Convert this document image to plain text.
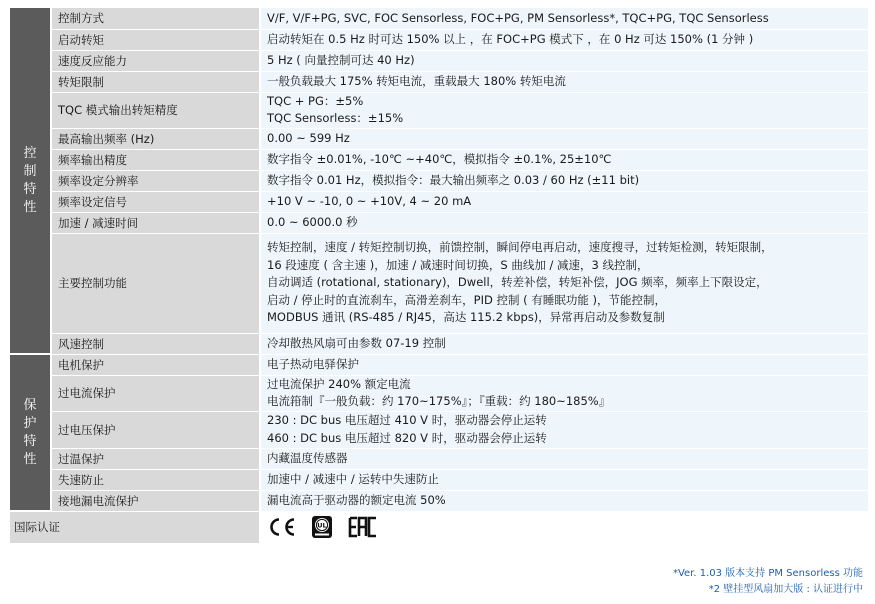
控制特性	控制方式	V/F, V/F+PG, SVC, FOC Sensorless, FOC+PG, PM Sensorless*, TQC+PG, TQC Sensorless

	启动转矩	启动转矩在 0.5 Hz 时可达 150% 以上 ，在 FOC+PG 模式下 ，在 0 Hz 可达 150% (1 分钟 )

	速度反应能力	5 Hz ( 向量控制可达 40 Hz)

	转矩限制	一般负载最大 175% 转矩电流，重载最大 180% 转矩电流

	TQC 模式输出转矩精度	TQC + PG：±5%
TQC Sensorless：±15%

	最高输出频率 (Hz)	0.00 ~ 599 Hz

	频率输出精度	数字指令 ±0.01%, -10℃ ~+40℃，模拟指令 ±0.1%, 25±10℃

	频率设定分辨率	数字指令 0.01 Hz，模拟指令：最大输出频率之 0.03 / 60 Hz (±11 bit)

	频率设定信号	+10 V ~ -10, 0 ~ +10V, 4 ~ 20 mA

	加速 / 减速时间	0.0 ~ 6000.0 秒

	主要控制功能	转矩控制，速度 / 转矩控制切换，前馈控制，瞬间停电再启动，速度搜寻，过转矩检测，转矩限制，
16 段速度 ( 含主速 )，加速 / 减速时间切换，S 曲线加 / 减速，3 线控制，
自动调适 (rotational, stationary)，Dwell，转差补偿，转矩补偿，JOG 频率，频率上下限设定，
启动 / 停止时的直流刹车，高滑差刹车，PID 控制 ( 有睡眠功能 )，节能控制，
MODBUS 通讯 (RS-485 / RJ45，高达 115.2 kbps)，异常再启动及参数复制

	风速控制	冷却散热风扇可由参数 07-19 控制

保护特性	电机保护	电子热动电驿保护

	过电流保护	过电流保护 240% 额定电流
电流箝制『一般负载：约 170~175%』；『重载：约 180~185%』

	过电压保护	230 : DC bus 电压超过 410 V 时，驱动器会停止运转
460 : DC bus 电压超过 820 V 时，驱动器会停止运转

	过温保护	内藏温度传感器

	失速防止	加速中 / 减速中 / 运转中失速防止

	接地漏电流保护	漏电流高于驱动器的额定电流 50%

国际认证		UL
*Ver. 1.03 版本支持 PM Sensorless 功能
*2 壁挂型风扇加大版 : 认证进行中
